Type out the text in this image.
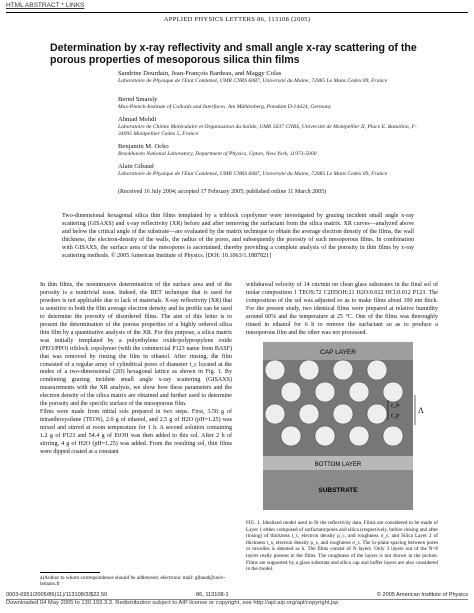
HTML ABSTRACT * LINKS
APPLIED PHYSICS LETTERS 86, 113108 (2005)
Determination by x-ray reflectivity and small angle x-ray scattering of the porous properties of mesoporous silica thin films
Sandrine Dourdain, Jean-François Bardeau, and Maggy Colas
Laboratoire de Physique de l'Etat Condensé, UMR CNRS 6087, Université du Maine, 72085 Le Mans Cedex 09, France
Bernd Smarsly
Max-Planck-Institute of Colloids and Interfaces, Am Mühlenberg, Potsdam D-14424, Germany
Ahmad Mehdi
Laboratoire de Chimie Moléculaire et Organisation du Solide, UMR 5637 CNRS, Université de Montpellier II, Place E. Bataillon, F-34095 Montpellier Cedex 5, France
Benjamin M. Ocko
Brookhaven National Laboratory, Department of Physics, Upton, New York, 11973-5000
Alain Gibaud
Laboratoire de Physique de l'Etat Condensé, UMR CNRS 6087, Université du Maine, 72085 Le Mans Cedex 09, France
(Received 16 July 2004; accepted 17 February 2005; published online 11 March 2005)
Two-dimensional hexagonal silica thin films templated by a triblock copolymer were investigated by grazing incident small angle x-ray scattering (GISAXS) and x-ray reflectivity (XR) before and after removing the surfactant from the silica matrix. XR curves—analyzed above and below the critical angle of the substrate—are evaluated by the matrix technique to obtain the average electron density of the films, the wall thickness, the electron-density of the walls, the radius of the pores, and subsequently the porosity of such mesoporous films. In combination with GISAXS, the surface area of the mesopores is ascertained, thereby providing a complete analysis of the porosity in thin films by x-ray scattering methods. © 2005 American Institute of Physics. [DOI: 10.1063/1.1887821]
In thin films, the nonintrusive determination of the surface area and of the porosity is a nontrivial issue. Indeed, the BET technique that is used for powders is not applicable due to lack of materials. X-ray reflectivity (XR) that is sensitive to both the film average electron density and its profile can be used to determine the porosity of disordered films. The aim of this letter is to present the determination of the porous properties of a highly ordered silica thin film by a quantitative analysis of the XR. For this purpose, a silica matrix was initially templated by a polyethylene oxide/polypropylene oxide (PEO/PPO) triblock copolymer (with the commercial P123 name from BASF) that was removed by rinsing the film in ethanol. After rinsing, the film consisted of a regular array of cylindrical pores of diameter t_c located at the nodes of a two-dimensional (2D) hexagonal lattice as shown in Fig. 1. By combining grazing incident small angle x-ray scattering (GISAXS) measurements with the XR analysis, we show how these parameters and the electron density of the silica matrix are obtained and further used to determine the porosity and the specific surface of the mesoporous film.
Films were made from initial sols prepared in two steps. First, 3.50 g of tetraethoxysilane (TEOS), 2.0 g of ethanol, and 2.5 g of H2O (pH=1.25) was mixed and stirred at room temperature for 1 h. A second solution containing 1.2 g of P123 and 54.4 g of EtOH was then added to this sol. After 2 h of stirring, 4 g of H2O (pH=1.25) was added. From the resulting sol, thin films were dipped coated at a constant
withdrawal velocity of 14 cm/min on clean glass substrates in the final sol of molar composition 1 TEOS:72 C2H5OH:21 H2O:0.022 HCl:0.012 P123. The composition of the sol was adjusted so as to make films about 100 nm thick. For the present study, two identical films were prepared at relative humidity around 60% and the temperature at 25 °C. One of the films was thoroughly rinsed in ethanol for 6 h to remove the surfactant so as to produce a mesoporous film and the other was not processed.
a)Author to whom correspondence should be addressed; electronic mail: gibaud@univ-lemans.fr
CAP LAYER
BOTTOM LAYER
SUBSTRATE
t_b
t_p
Λ
FIG. 1. Idealized model used to fit the reflectivity data. Films are considered to be made of Layer 1 either composed of surfactant/pores and silica (respectively, before rinsing and after rinsing) of thickness t_c, electron density ρ_c, and roughness σ_c, and Silica Layer 2 of thickness t_s, electron density ρ_s, and roughness σ_s. The in-plane spacing between pores or micelles is denoted as h. The films consist of N layers. Only 3 layers out of the N=8 layers really present in the films. The roughness of the layers is not shown in the picture. Films are supported by a glass substrate and silica cap and buffer layers are also considered in the model.
0003-6951/2005/86(11)/113108/3/$22.50	86, 113108-1	© 2005 American Institute of Physics
Downloaded 04 May 2005 to 130.193.3.3. Redistribution subject to AIP license or copyright, see http://apl.aip.org/apl/copyright.jsp
